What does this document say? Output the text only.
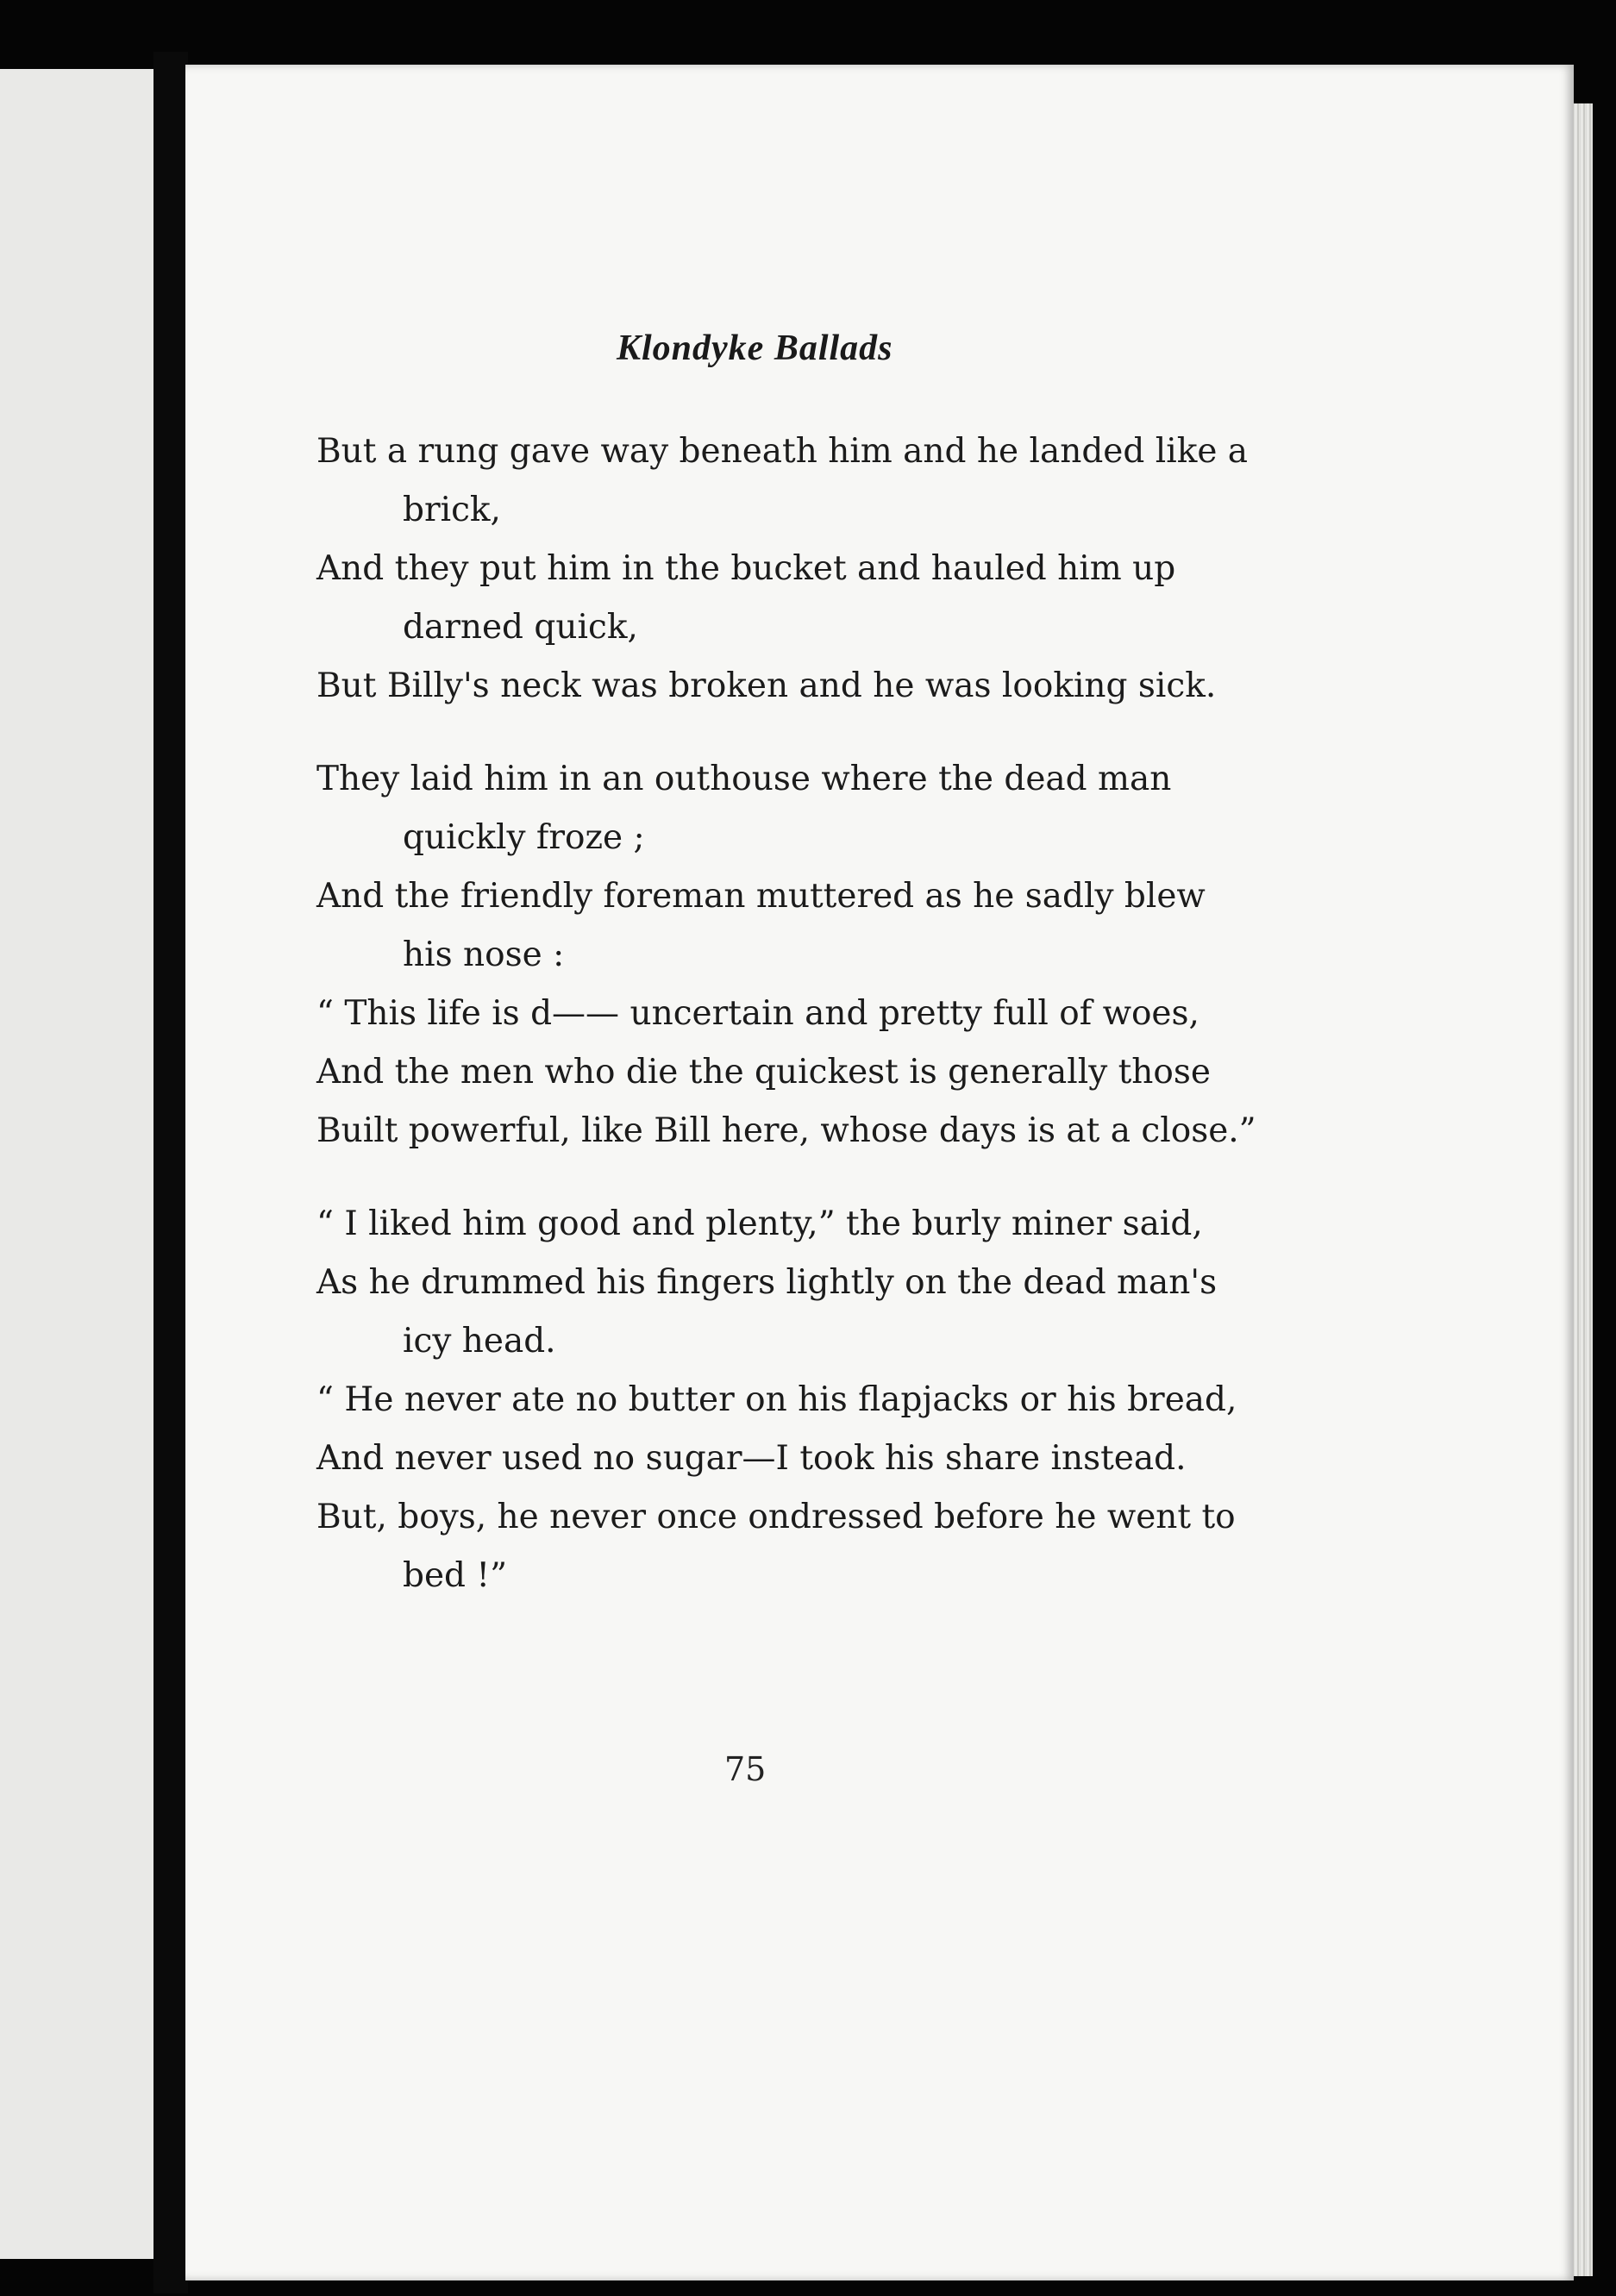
Klondyke Ballads
But a rung gave way beneath him and he landed like a brick,
And they put him in the bucket and hauled him up darned quick,
But Billy's neck was broken and he was looking sick.
They laid him in an outhouse where the dead man quickly froze ;
And the friendly foreman muttered as he sadly blew his nose :
“ This life is d—— uncertain and pretty full of woes,
And the men who die the quickest is generally those
Built powerful, like Bill here, whose days is at a close.”
“ I liked him good and plenty,” the burly miner said,
As he drummed his fingers lightly on the dead man's icy head.
“ He never ate no butter on his flapjacks or his bread,
And never used no sugar—I took his share instead.
But, boys, he never once ondressed before he went to bed !”
75
